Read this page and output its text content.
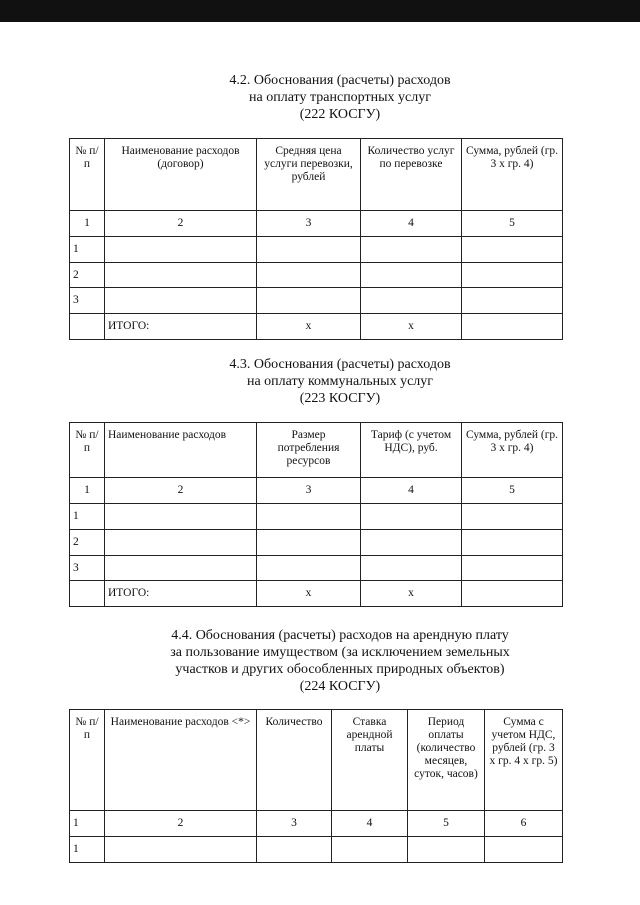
4.2. Обоснования (расчеты) расходов
на оплату транспортных услуг
(222 КОСГУ)
№ п/п	Наименование расходов (договор)	Средняя цена услуги перевозки, рублей	Количество услуг по перевозке	Сумма, рублей (гр. 3 x гр. 4)
1	2	3	4	5
1				
2				
3				
	ИТОГО:	х	х	
4.3. Обоснования (расчеты) расходов
на оплату коммунальных услуг
(223 КОСГУ)
№ п/п	Наименование расходов	Размер потребления ресурсов	Тариф (с учетом НДС), руб.	Сумма, рублей (гр. 3 x гр. 4)
1	2	3	4	5
1				
2				
3				
	ИТОГО:	х	х	
4.4. Обоснования (расчеты) расходов на арендную плату
за пользование имуществом (за исключением земельных
участков и других обособленных природных объектов)
(224 КОСГУ)
№ п/п	Наименование расходов <*>	Количество	Ставка арендной платы	Период оплаты (количество месяцев, суток, часов)	Сумма с учетом НДС, рублей (гр. 3 x гр. 4 x гр. 5)
1	2	3	4	5	6
1					
